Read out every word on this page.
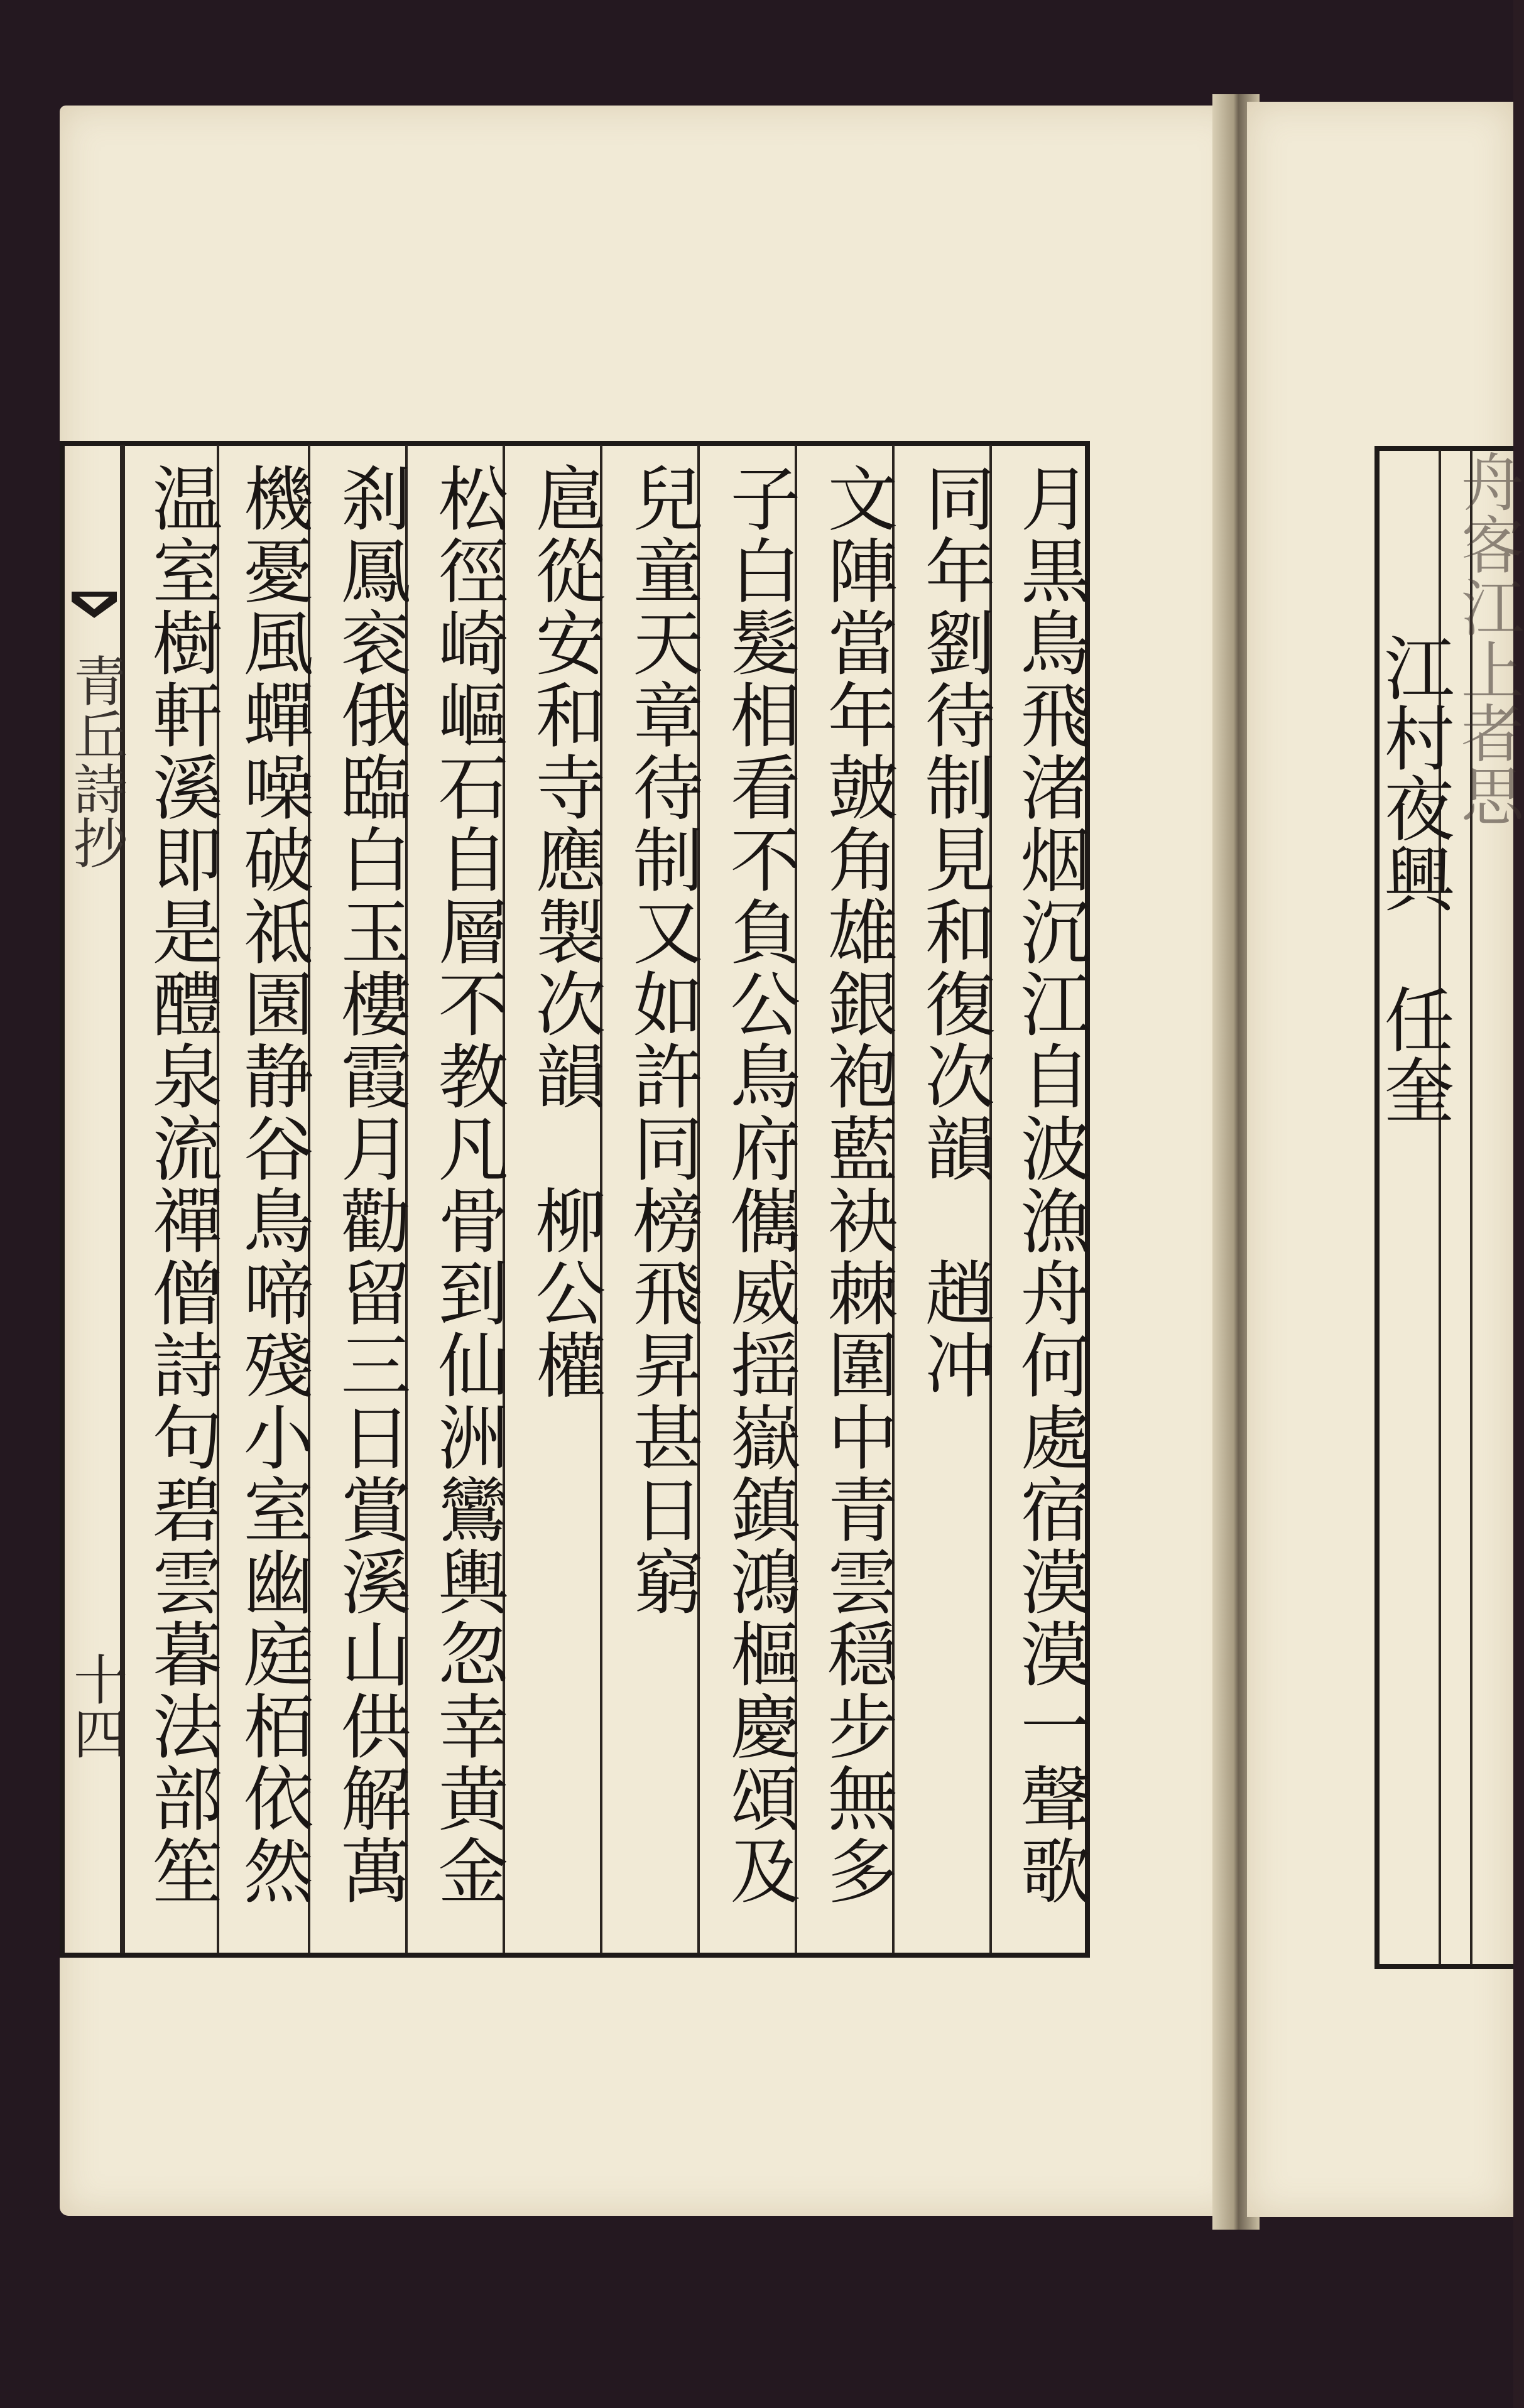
青丘詩抄
十四	月黒鳥飛渚烟沉江自波漁舟何處宿漠漠一聲歌
同年劉待制見和復次韻　趙冲
文陣當年皷角雄銀袍藍袂棘圍中青雲穏步無多
子白髮相看不負公鳥府㒞威揺嶽鎮鴻樞慶頌及
兒童天章待制又如許同榜飛昇甚日窮
扈從安和寺應製次韻　柳公權
松徑崎嶇石自層不教凡骨到仙洲鸞輿忽幸黄金
刹鳳衮俄臨白玉樓霞月勸留三日賞溪山供解萬
機憂風蟬噪破祗園静谷鳥啼殘小室幽庭栢依然
温室樹軒溪即是醴泉流禪僧詩句碧雲暮法部笙	江村夜興　任奎
舟客江上者思
